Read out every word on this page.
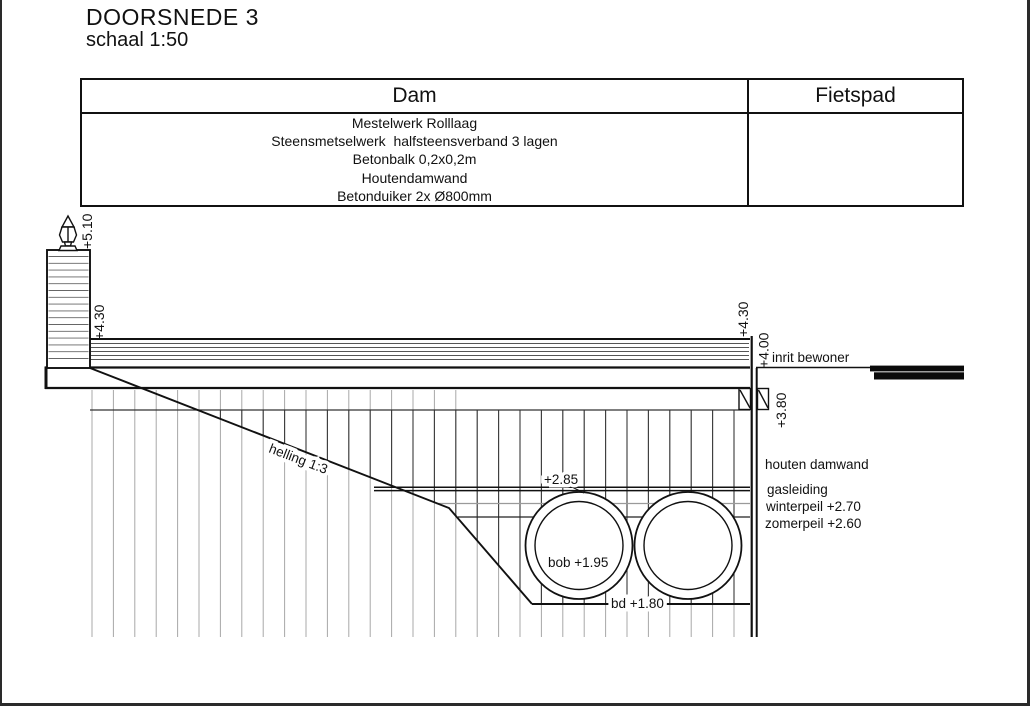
DOORSNEDE 3
schaal 1:50
Dam	Fietspad
Mestelwerk Rolllaag
Steensmetselwerk  halfsteensverband 3 lagen
Betonbalk 0,2x0,2m
Houtendamwand
Betonduiker 2x Ø800mm
+5.10
+4.30	+4.30
+4.00
+3.80
inrit bewoner
helling 1:3
+2.85
bob +1.95
bd +1.80
houten damwand
gasleiding
winterpeil +2.70
zomerpeil +2.60
